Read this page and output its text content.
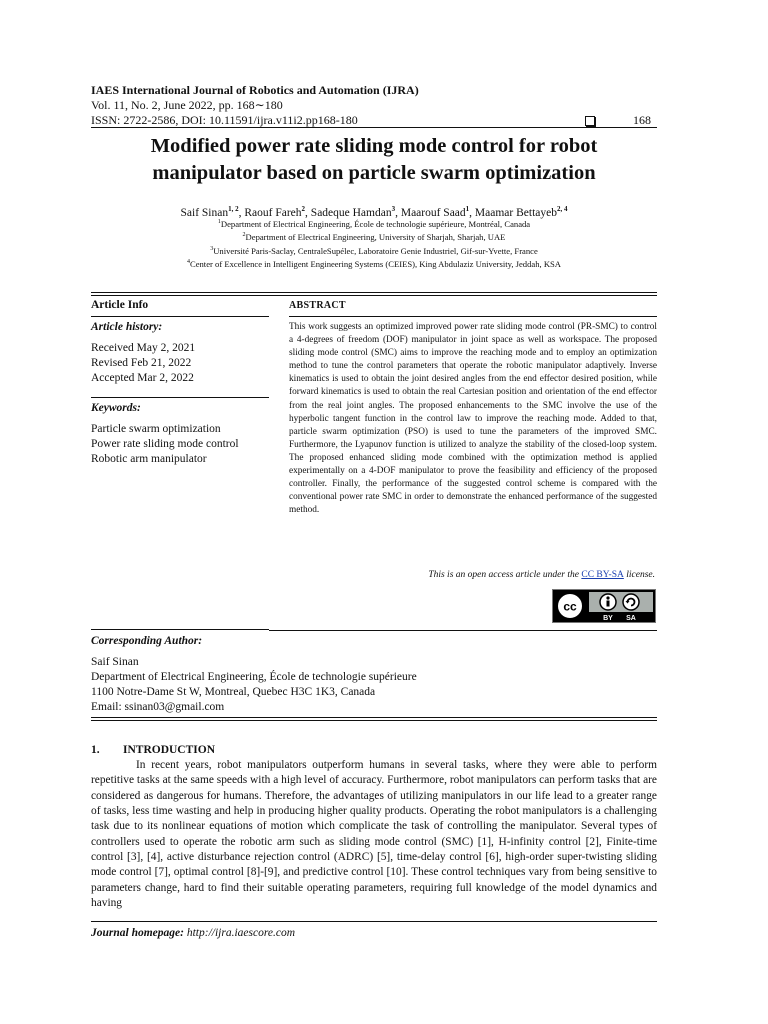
IAES International Journal of Robotics and Automation (IJRA)
Vol. 11, No. 2, June 2022, pp. 168∼180
ISSN: 2722-2586, DOI: 10.11591/ijra.v11i2.pp168-180	168
Modified power rate sliding mode control for robot
manipulator based on particle swarm optimization
Saif Sinan$^{1, 2}$, Raouf Fareh$^2$, Sadeque Hamdan$^3$, Maarouf Saad$^1$, Maamar Bettayeb$^{2, 4}$
$^1$Department of Electrical Engineering, École de technologie supérieure, Montréal, Canada
$^2$Department of Electrical Engineering, University of Sharjah, Sharjah, UAE
$^3$Université Paris-Saclay, CentraleSupélec, Laboratoire Genie Industriel, Gif-sur-Yvette, France
$^4$Center of Excellence in Intelligent Engineering Systems (CEIES), King Abdulaziz University, Jeddah, KSA
Article Info
Article history:
Received May 2, 2021
Revised Feb 21, 2022
Accepted Mar 2, 2022
Keywords:
Particle swarm optimization
Power rate sliding mode control
Robotic arm manipulator
ABSTRACT
This work suggests an optimized improved power rate sliding mode control (PR-SMC) to control a 4-degrees of freedom (DOF) manipulator in joint space as well as workspace. The proposed sliding mode control (SMC) aims to improve the reaching mode and to employ an optimization method to tune the control parameters that operate the robotic manipulator adaptively. Inverse kinematics is used to obtain the joint desired angles from the end effector desired position, while forward kinematics is used to obtain the real Cartesian position and orientation of the end effector from the real joint angles. The proposed enhancements to the SMC involve the use of the hyperbolic tangent function in the control law to improve the reaching mode. Added to that, particle swarm optimization (PSO) is used to tune the parameters of the improved SMC. Furthermore, the Lyapunov function is utilized to analyze the stability of the closed-loop system. The proposed enhanced sliding mode combined with the optimization method is applied experimentally on a 4-DOF manipulator to prove the feasibility and efficiency of the proposed controller. Finally, the performance of the suggested control scheme is compared with the conventional power rate SMC in order to demonstrate the enhanced performance of the suggested method.
This is an open access article under the CC BY-SA license.
cc
BY SA
Corresponding Author:
Saif Sinan
Department of Electrical Engineering, École de technologie supérieure
1100 Notre-Dame St W, Montreal, Quebec H3C 1K3, Canada
Email: ssinan03@gmail.com
1. INTRODUCTION
In recent years, robot manipulators outperform humans in several tasks, where they were able to perform repetitive tasks at the same speeds with a high level of accuracy. Furthermore, robot manipulators can perform tasks that are considered as dangerous for humans. Therefore, the advantages of utilizing manipulators in our life lead to a greater range of tasks, less time wasting and help in producing higher quality products. Operating the robot manipulators is a challenging task due to its nonlinear equations of motion which complicate the task of controlling the manipulator. Several types of controllers used to operate the robotic arm such as sliding mode control (SMC) [1], H-infinity control [2], Finite-time control [3], [4], active disturbance rejection control (ADRC) [5], time-delay control [6], high-order super-twisting sliding mode control [7], optimal control [8]-[9], and predictive control [10]. These control techniques vary from being sensitive to parameters change, hard to find their suitable operating parameters, requiring full knowledge of the model dynamics and having
Journal homepage: http://ijra.iaescore.com
